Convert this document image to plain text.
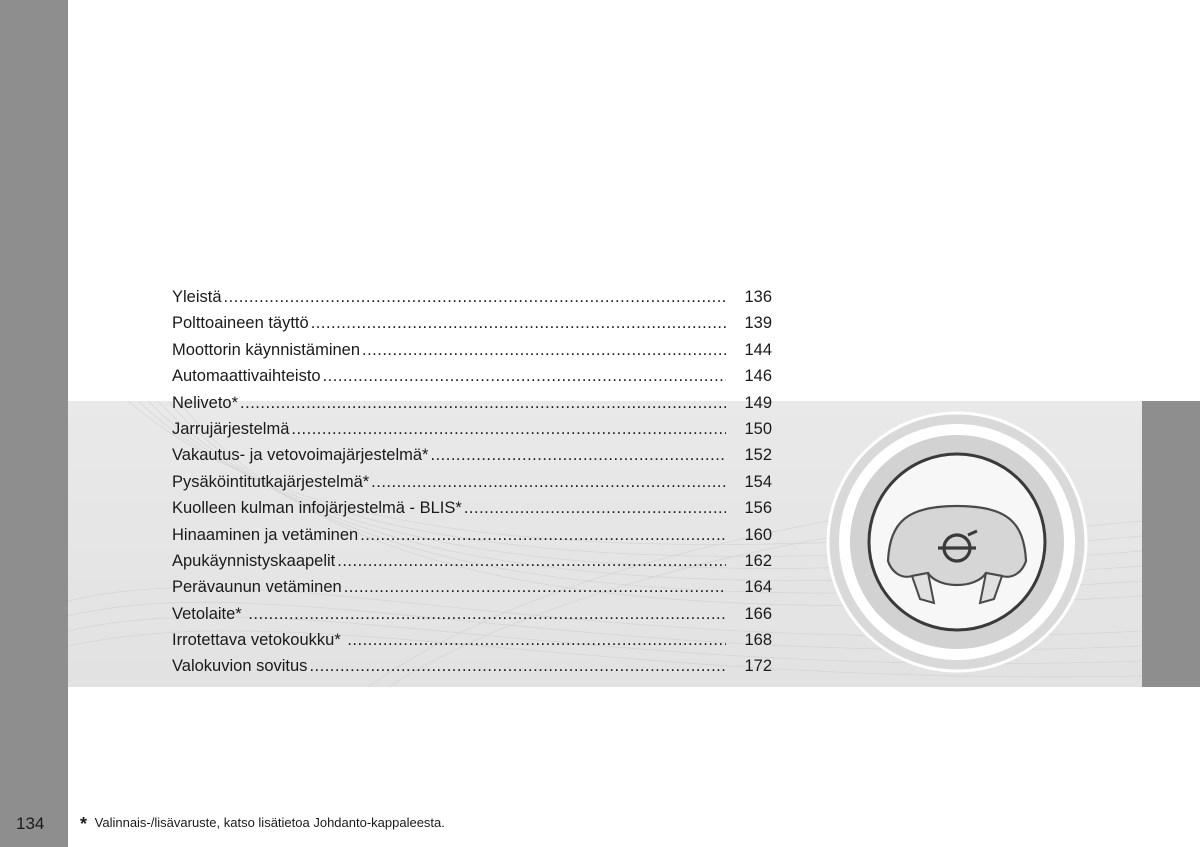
Yleistä .....	136
Polttoaineen täyttö .....	139
Moottorin käynnistäminen .....	144
Automaattivaihteisto .....	146
Neliveto* .....	149
Jarrujärjestelmä .....	150
Vakautus- ja vetovoimajärjestelmä* .....	152
Pysäköintitutkajärjestelmä* .....	154
Kuolleen kulman infojärjestelmä - BLIS* .....	156
Hinaaminen ja vetäminen .....	160
Apukäynnistyskaapelit .....	162
Perävaunun vetäminen .....	164
Vetolaite* .....	166
Irrotettava vetokoukku* .....	168
Valokuvion sovitus .....	172
134 * Valinnais-/lisävaruste, katso lisätietoa Johdanto-kappaleesta.
